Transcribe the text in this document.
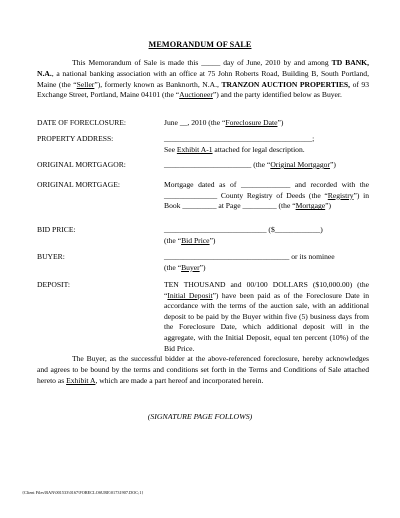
MEMORANDUM OF SALE
This Memorandum of Sale is made this _____ day of June, 2010 by and among TD BANK, N.A., a national banking association with an office at 75 John Roberts Road, Building B, South Portland, Maine (the “Seller”), formerly known as Banknorth, N.A., TRANZON AUCTION PROPERTIES, of 93 Exchange Street, Portland, Maine 04101 (the “Auctioneer”) and the party identified below as Buyer.
DATE OF FORECLOSURE:	June __, 2010 (the “Foreclosure Date”)
PROPERTY ADDRESS:	_______________________________________;
See Exhibit A-1 attached for legal description.
ORIGINAL MORTGAGOR:	_______________________ (the “Original Mortgagor”)
ORIGINAL MORTGAGE:	Mortgage dated as of _____________ and recorded with the ______________ County Registry of Deeds (the “Registry”) in Book _________ at Page _________ (the “Mortgage”)
BID PRICE:	___________________________ ($____________)
(the “Bid Price”)
BUYER:	_________________________________ or its nominee
(the “Buyer”)
DEPOSIT:	TEN THOUSAND and 00/100 DOLLARS ($10,000.00) (the “Initial Deposit”) have been paid as of the Foreclosure Date in accordance with the terms of the auction sale, with an additional deposit to be paid by the Buyer within five (5) business days from the Foreclosure Date, which additional deposit will in the aggregate, with the Initial Deposit, equal ten percent (10%) of the Bid Price.
The Buyer, as the successful bidder at the above-referenced foreclosure, hereby acknowledges and agrees to be bound by the terms and conditions set forth in the Terms and Conditions of Sale attached hereto as Exhibit A, which are made a part hereof and incorporated herein.
(SIGNATURE PAGE FOLLOWS)
{Client Files\BAN\001533\0167\FORECLOSURE\01731907.DOC;1}
